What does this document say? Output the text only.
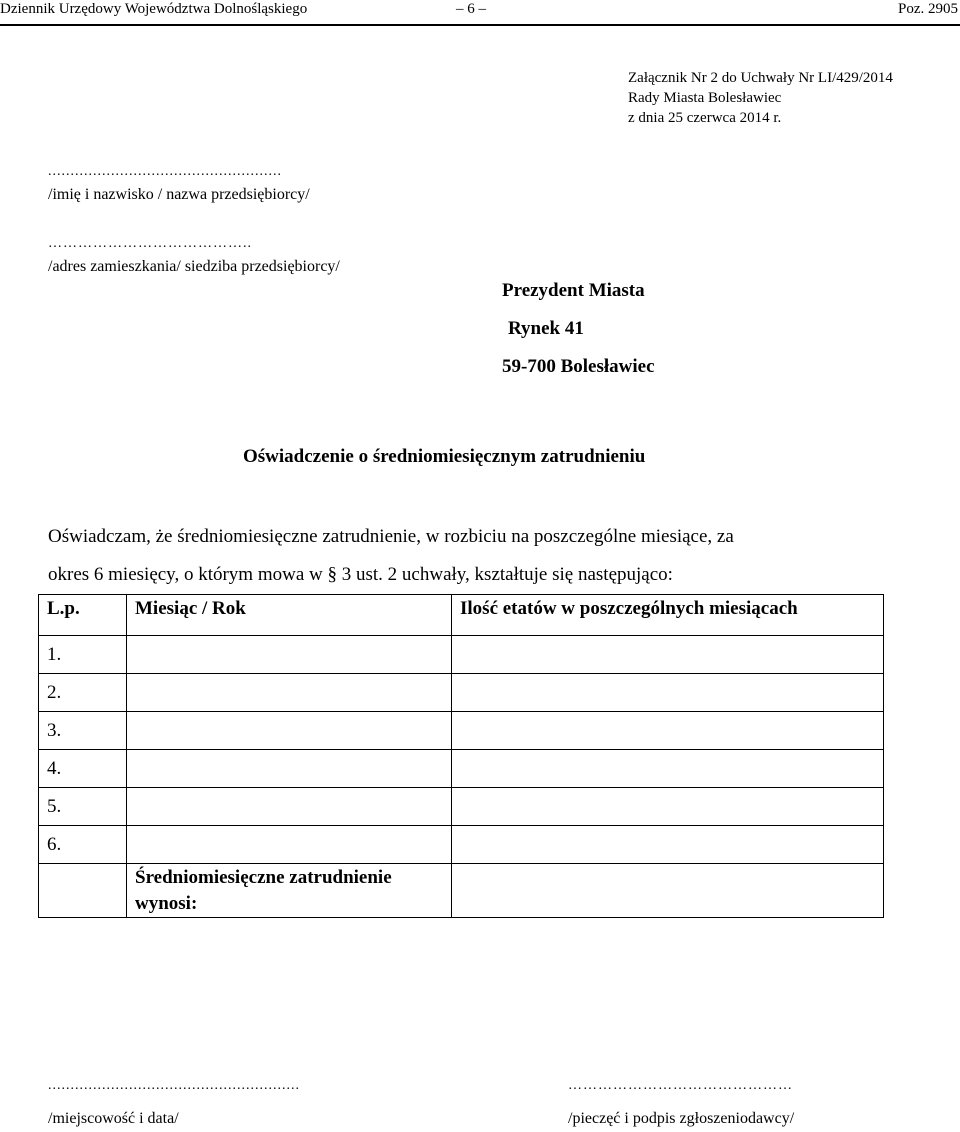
Dziennik Urzędowy Województwa Dolnośląskiego	– 6 –	Poz. 2905
Załącznik Nr 2 do Uchwały Nr LI/429/2014
Rady Miasta Bolesławiec
z dnia 25 czerwca 2014 r.
....................................................
/imię i nazwisko / nazwa przedsiębiorcy/
…………………………………..
/adres zamieszkania/ siedziba przedsiębiorcy/
Prezydent Miasta
Rynek 41
59-700 Bolesławiec
Oświadczenie o średniomiesięcznym zatrudnieniu
Oświadczam, że średniomiesięczne zatrudnienie, w rozbiciu na poszczególne miesiące, za
okres 6 miesięcy, o którym mowa w § 3 ust. 2 uchwały, kształtuje się następująco:
L.p.	Miesiąc / Rok	Ilość etatów w poszczególnych miesiącach
1.		
2.		
3.		
4.		
5.		
6.		

	Średniomiesięczne zatrudnienie
wynosi:	

........................................................
/miejscowość i data/
………………………………………
/pieczęć i podpis zgłoszeniodawcy/
